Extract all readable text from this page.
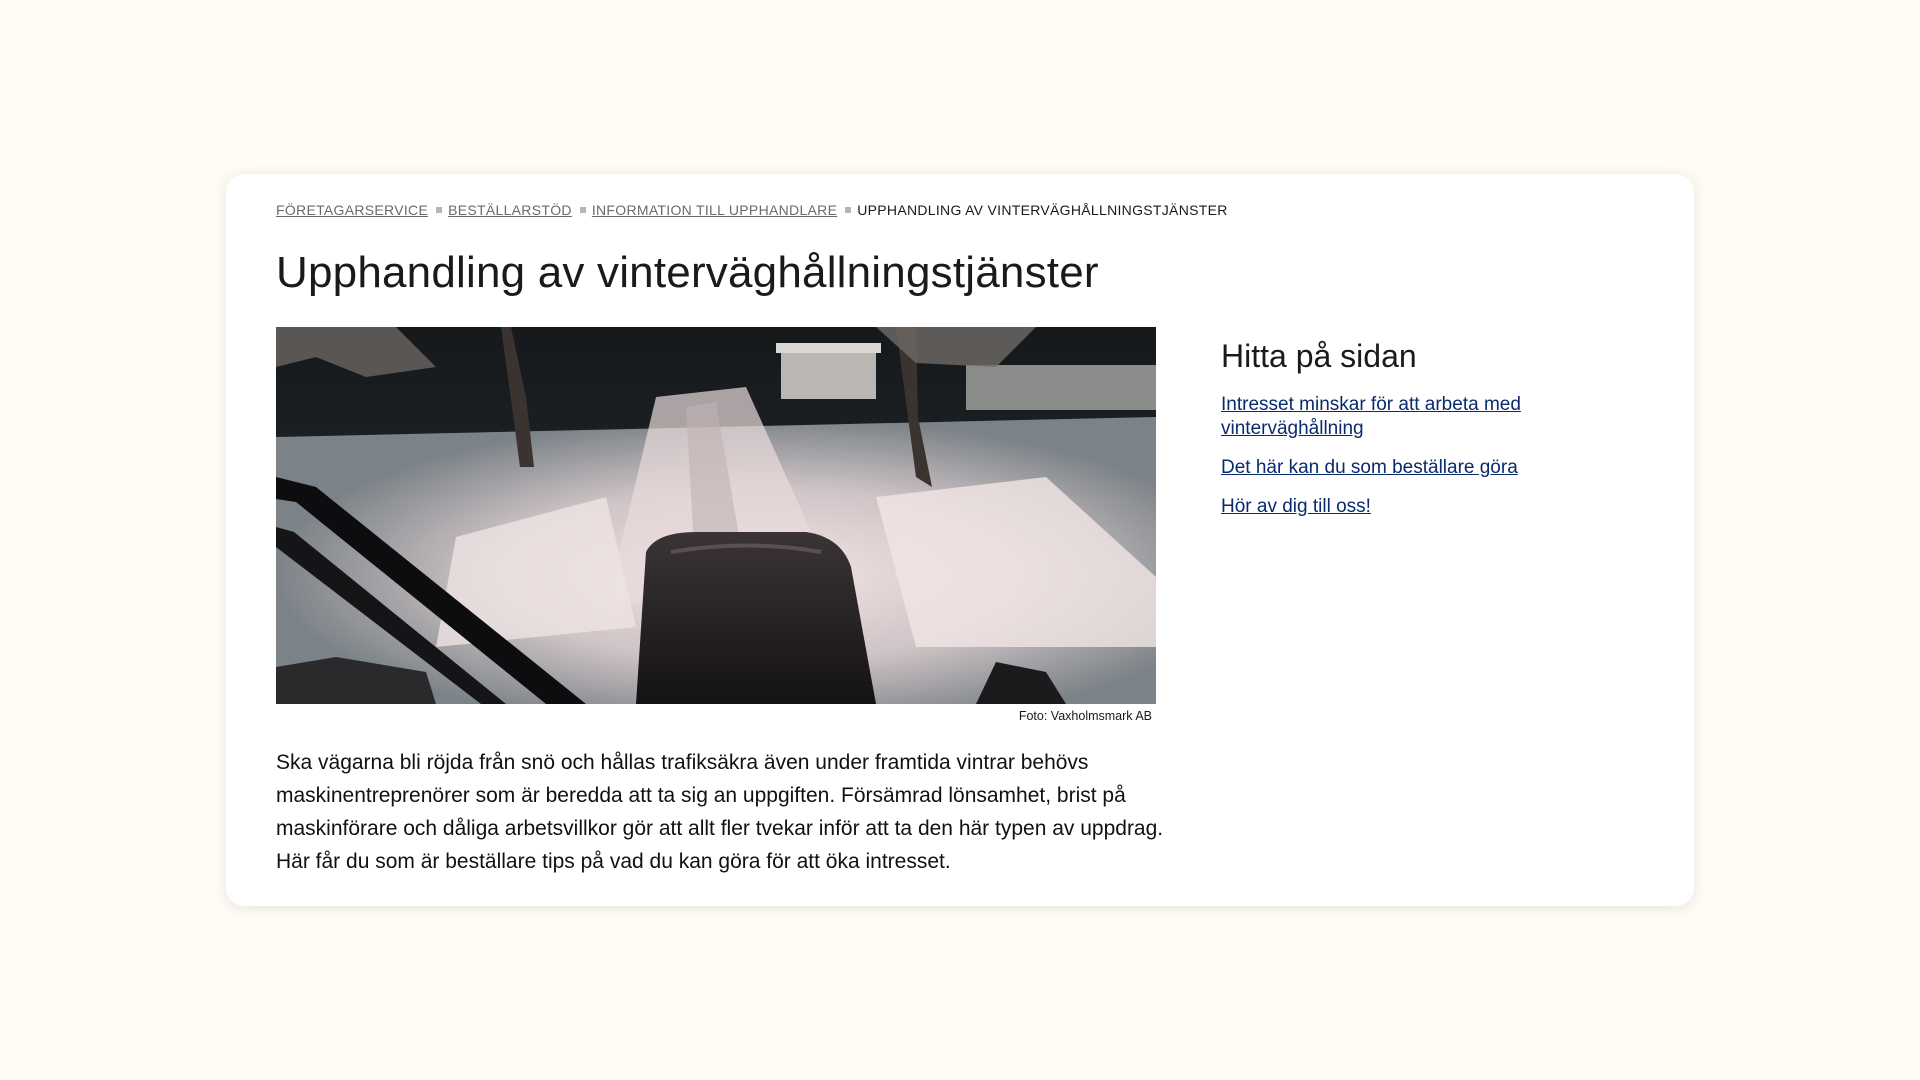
FÖRETAGARSERVICE BESTÄLLARSTÖD INFORMATION TILL UPPHANDLARE UPPHANDLING AV VINTERVÄGHÅLLNINGSTJÄNSTER
Upphandling av vinterväghållningstjänster
Foto: Vaxholmsmark AB

Ska vägarna bli röjda från snö och hållas trafiksäkra även under framtida vintrar behövs maskinentreprenörer som är beredda att ta sig an uppgiften. Försämrad lönsamhet, brist på maskinförare och dåliga arbetsvillkor gör att allt fler tvekar inför att ta den här typen av uppdrag. Här får du som är beställare tips på vad du kan göra för att öka intresset.

Hitta på sidan
Intresset minskar för att arbeta med vinterväghållning
Det här kan du som beställare göra
Hör av dig till oss!
